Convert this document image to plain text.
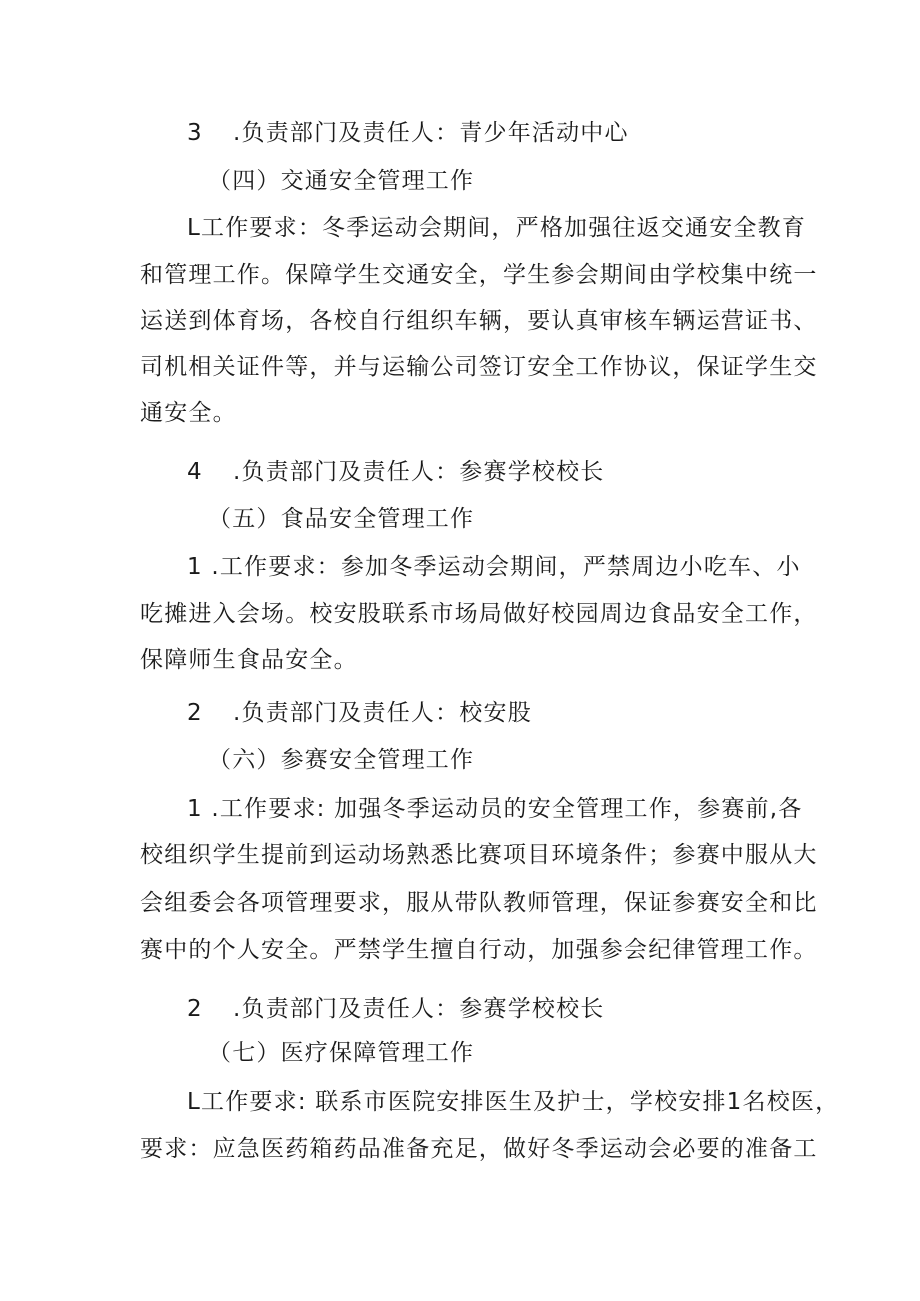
3 .负责部门及责任人：青少年活动中心
（四）交通安全管理工作
L工作要求：冬季运动会期间，严格加强往返交通安全教育
和管理工作。保障学生交通安全，学生参会期间由学校集中统一
运送到体育场，各校自行组织车辆，要认真审核车辆运营证书、
司机相关证件等，并与运输公司签订安全工作协议，保证学生交
通安全。
4 .负责部门及责任人：参赛学校校长
（五）食品安全管理工作
1 .工作要求：参加冬季运动会期间，严禁周边小吃车、小
吃摊进入会场。校安股联系市场局做好校园周边食品安全工作，
保障师生食品安全。
2 .负责部门及责任人：校安股
（六）参赛安全管理工作
1 .工作要求: 加强冬季运动员的安全管理工作，参赛前,各
校组织学生提前到运动场熟悉比赛项目环境条件；参赛中服从大
会组委会各项管理要求，服从带队教师管理，保证参赛安全和比
赛中的个人安全。严禁学生擅自行动，加强参会纪律管理工作。
2 .负责部门及责任人：参赛学校校长
（七）医疗保障管理工作
L工作要求: 联系市医院安排医生及护士，学校安排1名校医，
要求：应急医药箱药品准备充足，做好冬季运动会必要的准备工
